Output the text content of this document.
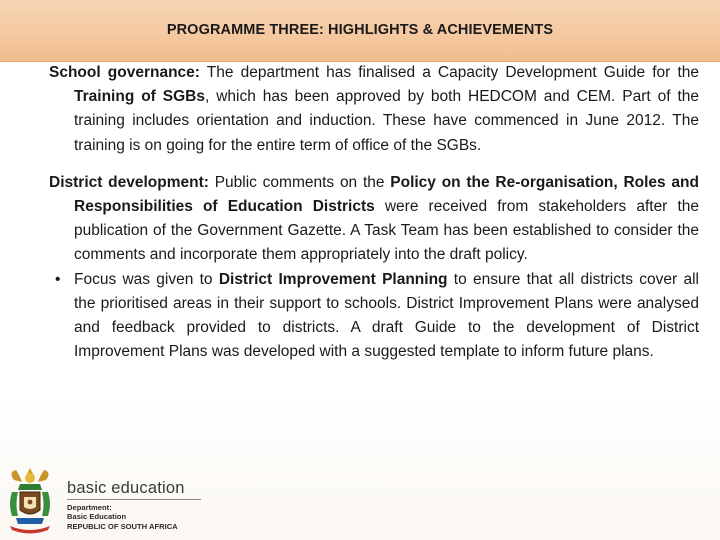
PROGRAMME THREE: HIGHLIGHTS & ACHIEVEMENTS

School governance: The department has finalised a Capacity Development Guide for the Training of SGBs, which has been approved by both HEDCOM and CEM. Part of the training includes orientation and induction. These have commenced in June 2012. The training is on going for the entire term of office of the SGBs.

District development: Public comments on the Policy on the Re-organisation, Roles and Responsibilities of Education Districts were received from stakeholders after the publication of the Government Gazette. A Task Team has been established to consider the comments and incorporate them appropriately into the draft policy.

• Focus was given to District Improvement Planning to ensure that all districts cover all the prioritised areas in their support to schools. District Improvement Plans were analysed and feedback provided to districts. A draft Guide to the development of District Improvement Plans was developed with a suggested template to inform future plans.

basic education
Department:
Basic Education
REPUBLIC OF SOUTH AFRICA
